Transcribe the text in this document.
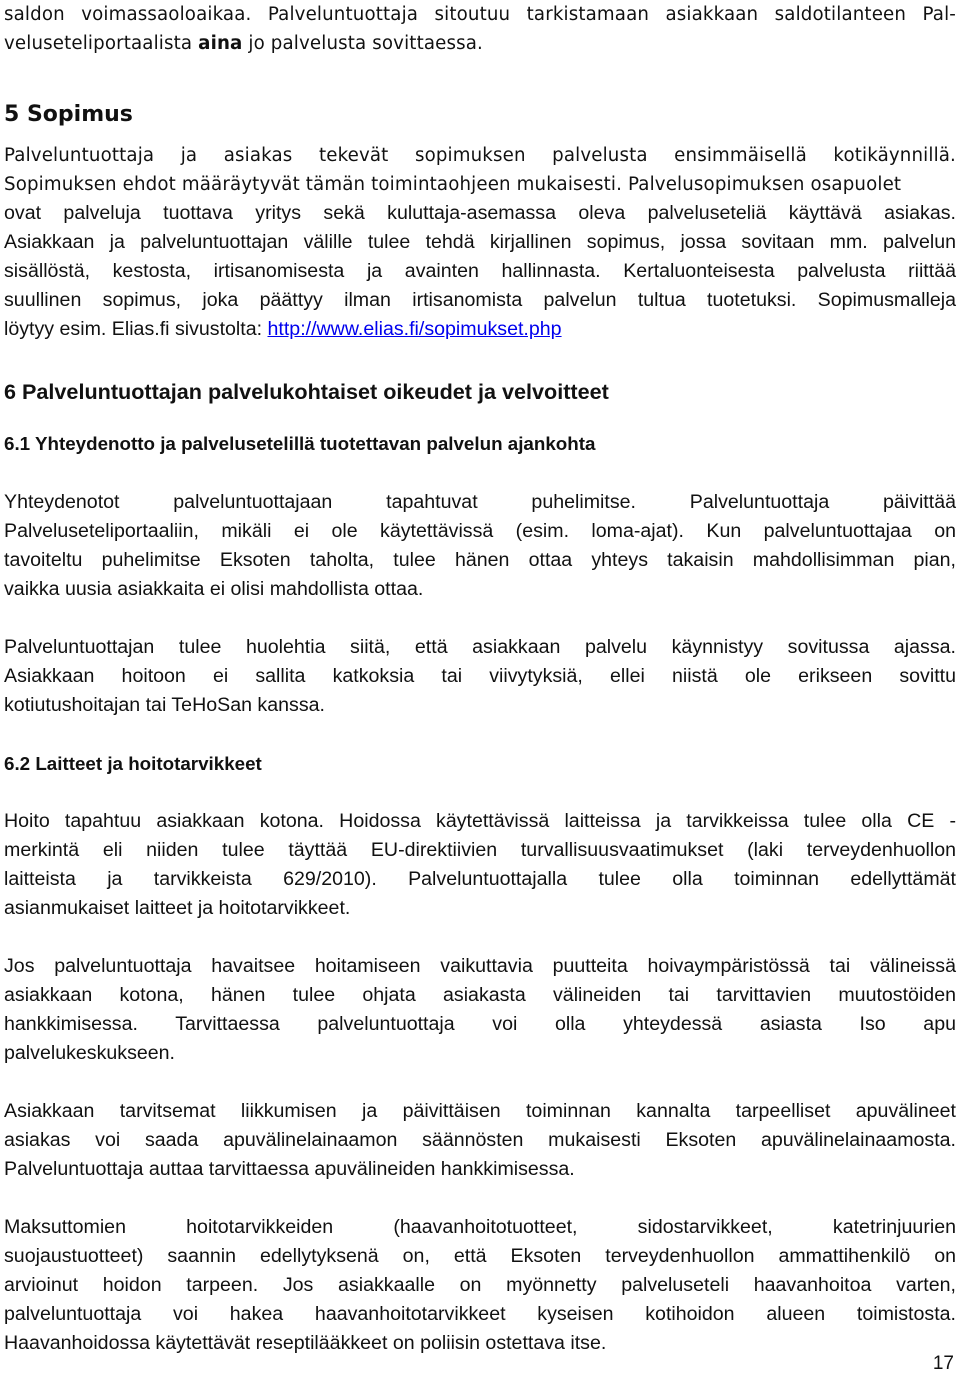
saldon voimassaoloaikaa. Palveluntuottaja sitoutuu tarkistamaan asiakkaan saldotilanteen Pal-
veluseteliportaalista aina jo palvelusta sovittaessa.
5 Sopimus
Palveluntuottaja ja asiakas tekevät sopimuksen palvelusta ensimmäisellä kotikäynnillä.
Sopimuksen ehdot määräytyvät tämän toimintaohjeen mukaisesti. Palvelusopimuksen osapuolet
ovat palveluja tuottava yritys sekä kuluttaja-asemassa oleva palveluseteliä käyttävä asiakas.
Asiakkaan ja palveluntuottajan välille tulee tehdä kirjallinen sopimus, jossa sovitaan mm. palvelun
sisällöstä, kestosta, irtisanomisesta ja avainten hallinnasta. Kertaluonteisesta palvelusta riittää
suullinen sopimus, joka päättyy ilman irtisanomista palvelun tultua tuotetuksi. Sopimusmalleja
löytyy esim. Elias.fi sivustolta: http://www.elias.fi/sopimukset.php
6 Palveluntuottajan palvelukohtaiset oikeudet ja velvoitteet
6.1 Yhteydenotto ja palvelusetelillä tuotettavan palvelun ajankohta
Yhteydenotot palveluntuottajaan tapahtuvat puhelimitse. Palveluntuottaja päivittää
Palveluseteliportaaliin, mikäli ei ole käytettävissä (esim. loma-ajat). Kun palveluntuottajaa on
tavoiteltu puhelimitse Eksoten taholta, tulee hänen ottaa yhteys takaisin mahdollisimman pian,
vaikka uusia asiakkaita ei olisi mahdollista ottaa.
Palveluntuottajan tulee huolehtia siitä, että asiakkaan palvelu käynnistyy sovitussa ajassa.
Asiakkaan hoitoon ei sallita katkoksia tai viivytyksiä, ellei niistä ole erikseen sovittu
kotiutushoitajan tai TeHoSan kanssa.
6.2 Laitteet ja hoitotarvikkeet
Hoito tapahtuu asiakkaan kotona. Hoidossa käytettävissä laitteissa ja tarvikkeissa tulee olla CE -
merkintä eli niiden tulee täyttää EU-direktiivien turvallisuusvaatimukset (laki terveydenhuollon
laitteista ja tarvikkeista 629/2010). Palveluntuottajalla tulee olla toiminnan edellyttämät
asianmukaiset laitteet ja hoitotarvikkeet.
Jos palveluntuottaja havaitsee hoitamiseen vaikuttavia puutteita hoivaympäristössä tai välineissä
asiakkaan kotona, hänen tulee ohjata asiakasta välineiden tai tarvittavien muutostöiden
hankkimisessa. Tarvittaessa palveluntuottaja voi olla yhteydessä asiasta Iso apu
palvelukeskukseen.
Asiakkaan tarvitsemat liikkumisen ja päivittäisen toiminnan kannalta tarpeelliset apuvälineet
asiakas voi saada apuvälinelainaamon säännösten mukaisesti Eksoten apuvälinelainaamosta.
Palveluntuottaja auttaa tarvittaessa apuvälineiden hankkimisessa.
Maksuttomien hoitotarvikkeiden (haavanhoitotuotteet, sidostarvikkeet, katetrinjuurien
suojaustuotteet) saannin edellytyksenä on, että Eksoten terveydenhuollon ammattihenkilö on
arvioinut hoidon tarpeen. Jos asiakkaalle on myönnetty palveluseteli haavanhoitoa varten,
palveluntuottaja voi hakea haavanhoitotarvikkeet kyseisen kotihoidon alueen toimistosta.
Haavanhoidossa käytettävät reseptilääkkeet on poliisin ostettava itse.
17
